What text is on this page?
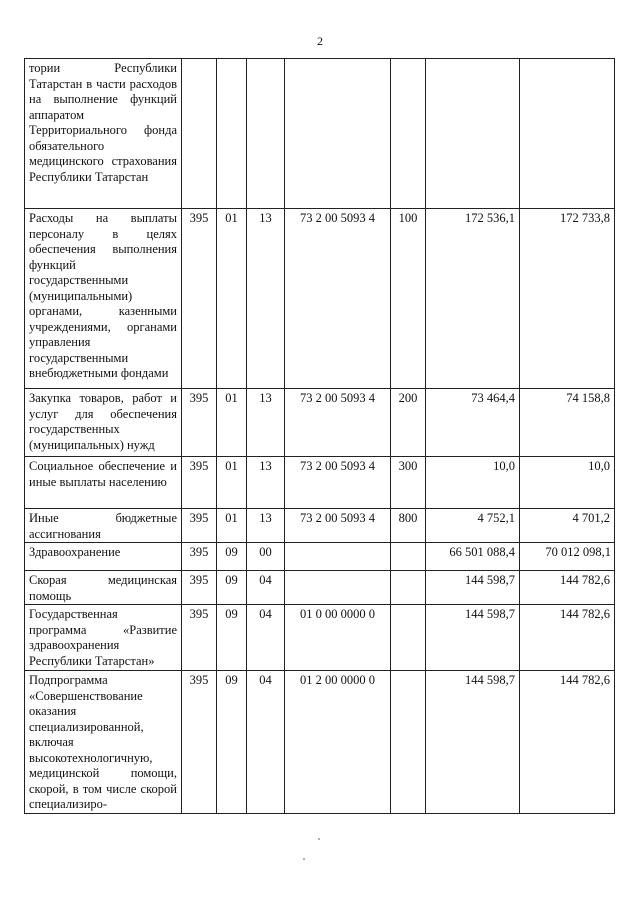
2
тории Республики Татарстан в части расходов на выполнение функций аппаратом Территориального фонда обязательного медицинского страхования Республики Татарстан							
Расходы на выплаты персоналу в целях обеспечения выполнения функций государственными (муниципальными) органами, казенными учреждениями, органами управления государственными внебюджетными фондами	395	01	13	73 2 00 5093 4	100	172 536,1	172 733,8
Закупка товаров, работ и услуг для обеспечения государственных (муниципальных) нужд	395	01	13	73 2 00 5093 4	200	73 464,4	74 158,8
Социальное обеспечение и иные выплаты населению	395	01	13	73 2 00 5093 4	300	10,0	10,0
Иные бюджетные ассигнования	395	01	13	73 2 00 5093 4	800	4 752,1	4 701,2
Здравоохранение	395	09	00			66 501 088,4	70 012 098,1
Скорая медицинская помощь	395	09	04			144 598,7	144 782,6
Государственная программа «Развитие здравоохранения Республики Татарстан»	395	09	04	01 0 00 0000 0		144 598,7	144 782,6
Подпрограмма «Совершенствование оказания специализированной, включая высокотехнологичную, медицинской помощи, скорой, в том числе скорой специализиро-	395	09	04	01 2 00 0000 0		144 598,7	144 782,6
